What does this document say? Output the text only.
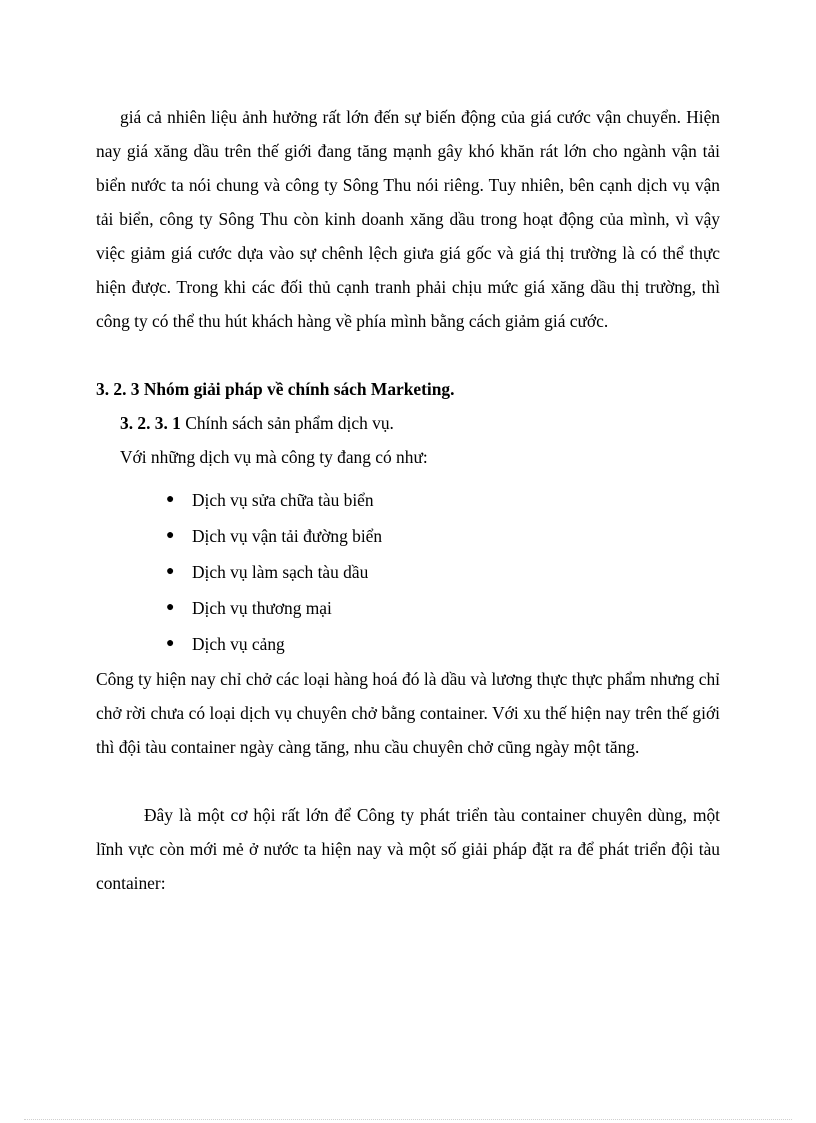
giá cả nhiên liệu ảnh hưởng rất lớn đến sự biến động của giá cước vận chuyển. Hiện nay giá xăng dầu trên thế giới đang tăng mạnh gây khó khăn rát lớn cho ngành vận tải biển nước ta nói chung và công ty Sông Thu nói riêng. Tuy nhiên, bên cạnh dịch vụ vận tải biển, công ty Sông Thu còn kinh doanh xăng dầu trong hoạt động của mình, vì vậy việc giảm giá cước dựa vào sự chênh lệch giưa giá gốc và giá thị trường là có thể thực hiện được. Trong khi các đối thủ cạnh tranh phải chịu mức giá xăng dầu thị trường, thì công ty có thể thu hút khách hàng về phía mình bằng cách giảm giá cước.

3. 2. 3 Nhóm giải pháp về chính sách Marketing.

3. 2. 3. 1 Chính sách sản phẩm dịch vụ.

Với những dịch vụ mà công ty đang có như:

● Dịch vụ sửa chữa tàu biển
● Dịch vụ vận tải đường biển
● Dịch vụ làm sạch tàu dầu
● Dịch vụ thương mại
● Dịch vụ cảng

Công ty hiện nay chỉ chở các loại hàng hoá đó là dầu và lương thực thực phẩm nhưng chỉ chở rời chưa có loại dịch vụ chuyên chở bằng container. Với xu thế hiện nay trên thế giới thì đội tàu container ngày càng tăng, nhu cầu chuyên chở cũng ngày một tăng.

Đây là một cơ hội rất lớn để Công ty phát triển tàu container chuyên dùng, một lĩnh vực còn mới mẻ ở nước ta hiện nay và một số giải pháp đặt ra để phát triển đội tàu container:
